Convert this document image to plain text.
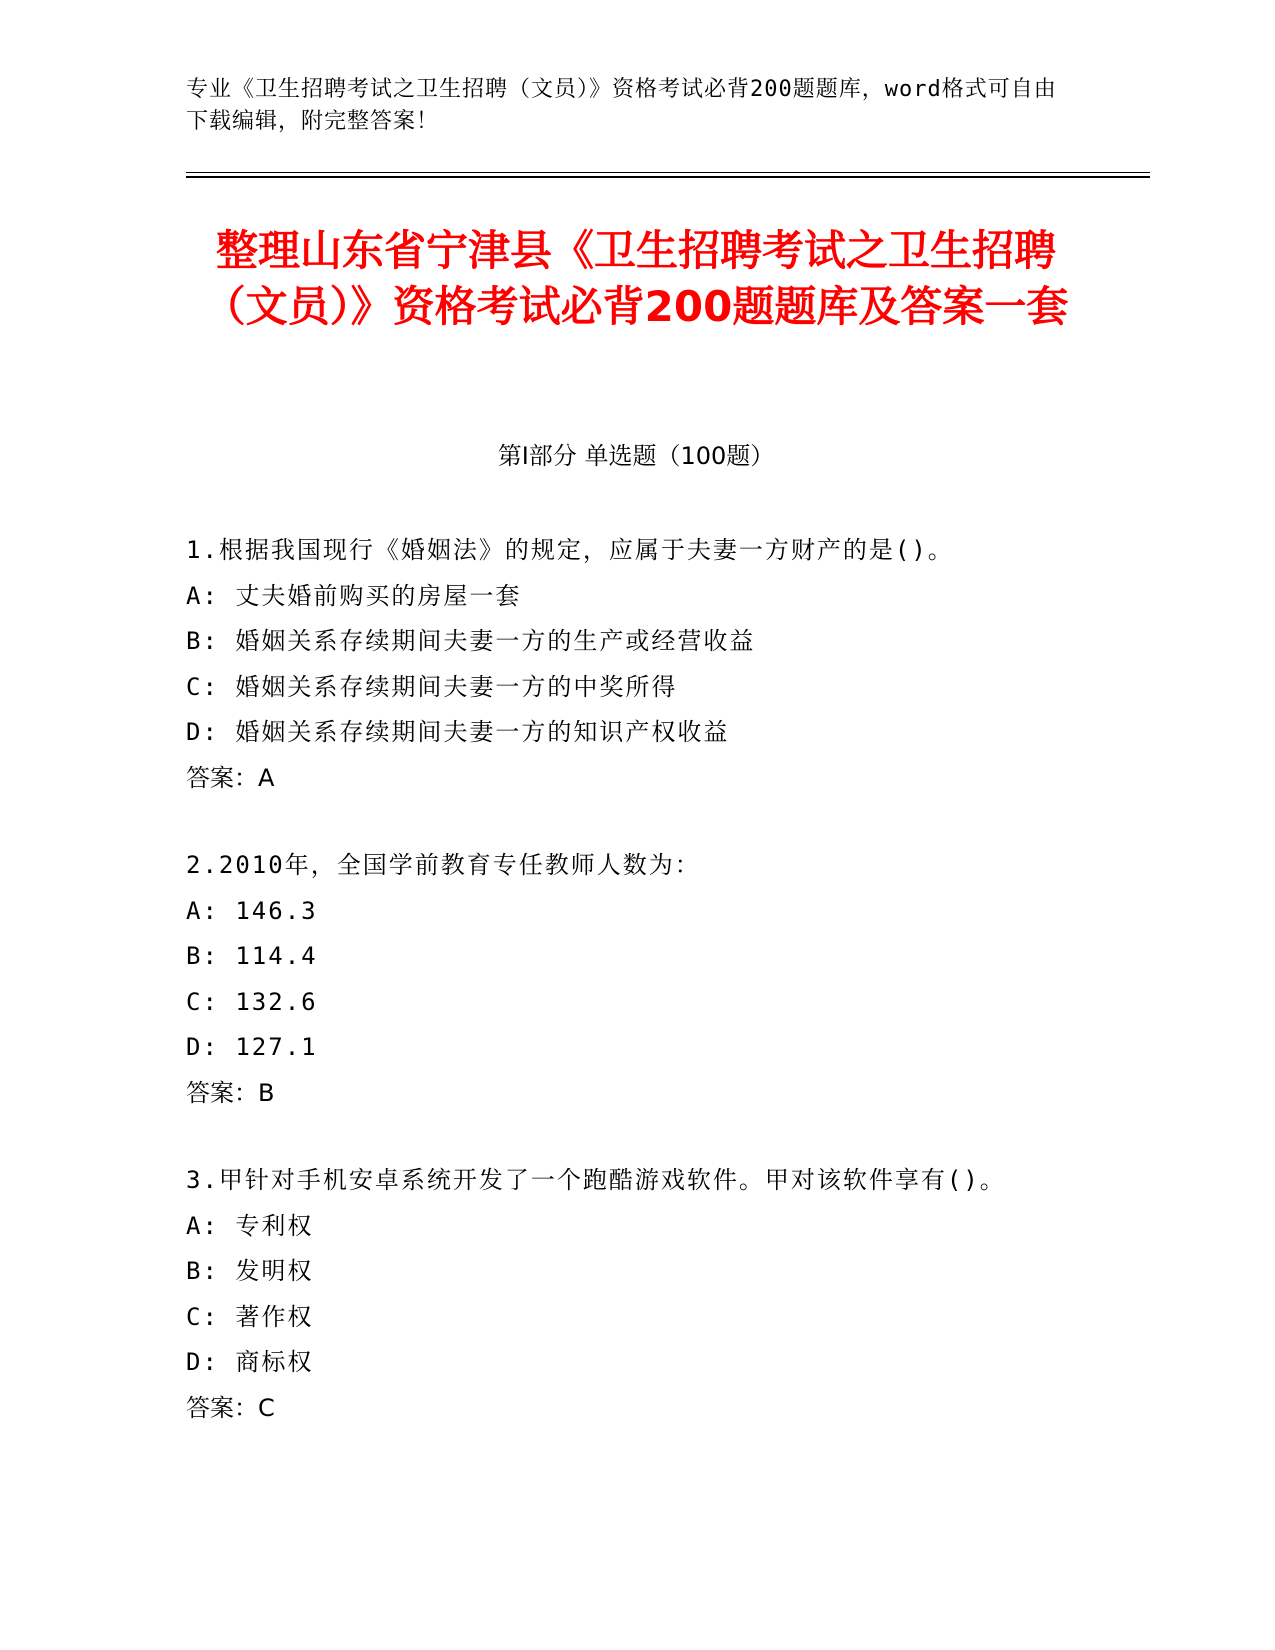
专业《卫生招聘考试之卫生招聘（文员）》资格考试必背200题题库，word格式可自由下载编辑，附完整答案！
整理山东省宁津县《卫生招聘考试之卫生招聘（文员）》资格考试必背200题题库及答案一套
第I部分 单选题（100题）
1.根据我国现行《婚姻法》的规定，应属于夫妻一方财产的是()。
A: 丈夫婚前购买的房屋一套
B: 婚姻关系存续期间夫妻一方的生产或经营收益
C: 婚姻关系存续期间夫妻一方的中奖所得
D: 婚姻关系存续期间夫妻一方的知识产权收益
答案：A
2.2010年，全国学前教育专任教师人数为：
A: 146.3
B: 114.4
C: 132.6
D: 127.1
答案：B
3.甲针对手机安卓系统开发了一个跑酷游戏软件。甲对该软件享有()。
A: 专利权
B: 发明权
C: 著作权
D: 商标权
答案：C
